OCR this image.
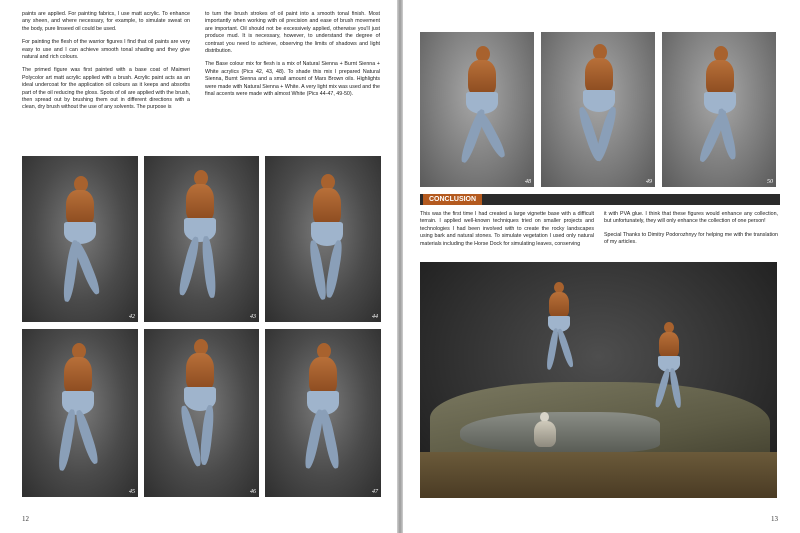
paints are applied. For painting fabrics, I use matt acrylic. To enhance any sheen, and where necessary, for example, to simulate sweat on the body, pure linseed oil could be used.

For painting the flesh of the warrior figures I find that oil paints are very easy to use and I can achieve smooth tonal shading and they give natural and rich colours.

The primed figure was first painted with a base coat of Maimeri Polycolor art matt acrylic applied with a brush. Acrylic paint acts as an ideal undercoat for the application oil colours as it keeps and absorbs part of the oil reducing the gloss. Spots of oil are applied with the brush, then spread out by brushing them out in different directions with a clean, dry brush without the use of any solvents. The purpose is

to turn the brush strokes of oil paint into a smooth tonal finish. Most importantly when working with oil precision and ease of brush movement are important. Oil should not be excessively applied, otherwise you'll just produce mud. It is necessary, however, to understand the degree of contrast you need to achieve, observing the limits of shadows and light distribution.

The Base colour mix for flesh is a mix of Natural Sienna + Burnt Sienna + White acrylics (Pics 42, 43, 48). To shade this mix I prepared Natural Sienna, Burnt Sienna and a small amount of Mars Brown oils. Highlights were made with Natural Sienna + White. A very light mix was used and the final accents were made with almost White (Pics 44-47, 49-50).

42	43	44
45	46	47
12
48	49	50
CONCLUSION

This was the first time I had created a large vignette base with a difficult terrain. I applied well-known techniques tried on smaller projects and technologies I had been involved with to create the rocky landscapes using bark and natural stones. To simulate vegetation I used only natural materials including the Horse Dock for simulating leaves, conserving

it with PVA glue. I think that these figures would enhance any collection, but unfortunately, they will only enhance the collection of one person!

Special Thanks to Dimitry Podorozhnyy for helping me with the translation of my articles.

13
